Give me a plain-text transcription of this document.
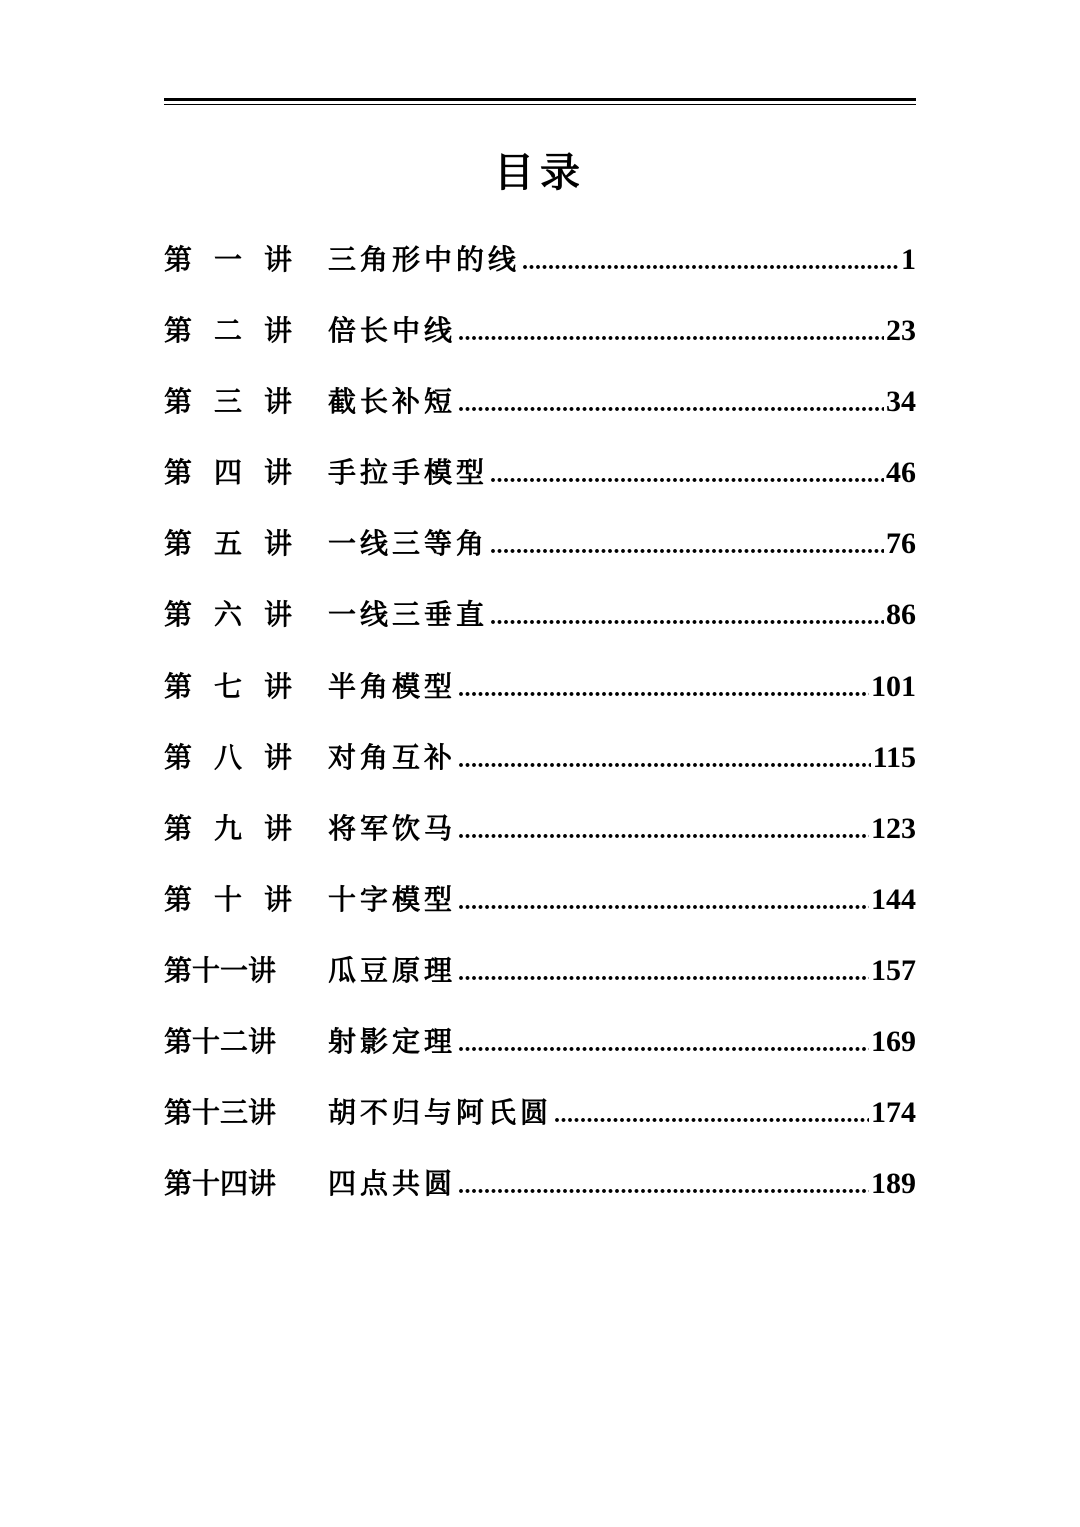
目录
第 一 讲 三角形中的线 .....	1
第 二 讲 倍长中线 .....	23
第 三 讲 截长补短 .....	34
第 四 讲 手拉手模型 .....	46
第 五 讲 一线三等角 .....	76
第 六 讲 一线三垂直 .....	86
第 七 讲 半角模型 .....	101
第 八 讲 对角互补 .....	115
第 九 讲 将军饮马 .....	123
第 十 讲 十字模型 .....	144
第十一讲 瓜豆原理 .....	157
第十二讲 射影定理 .....	169
第十三讲 胡不归与阿氏圆 .....	174
第十四讲 四点共圆 .....	189
